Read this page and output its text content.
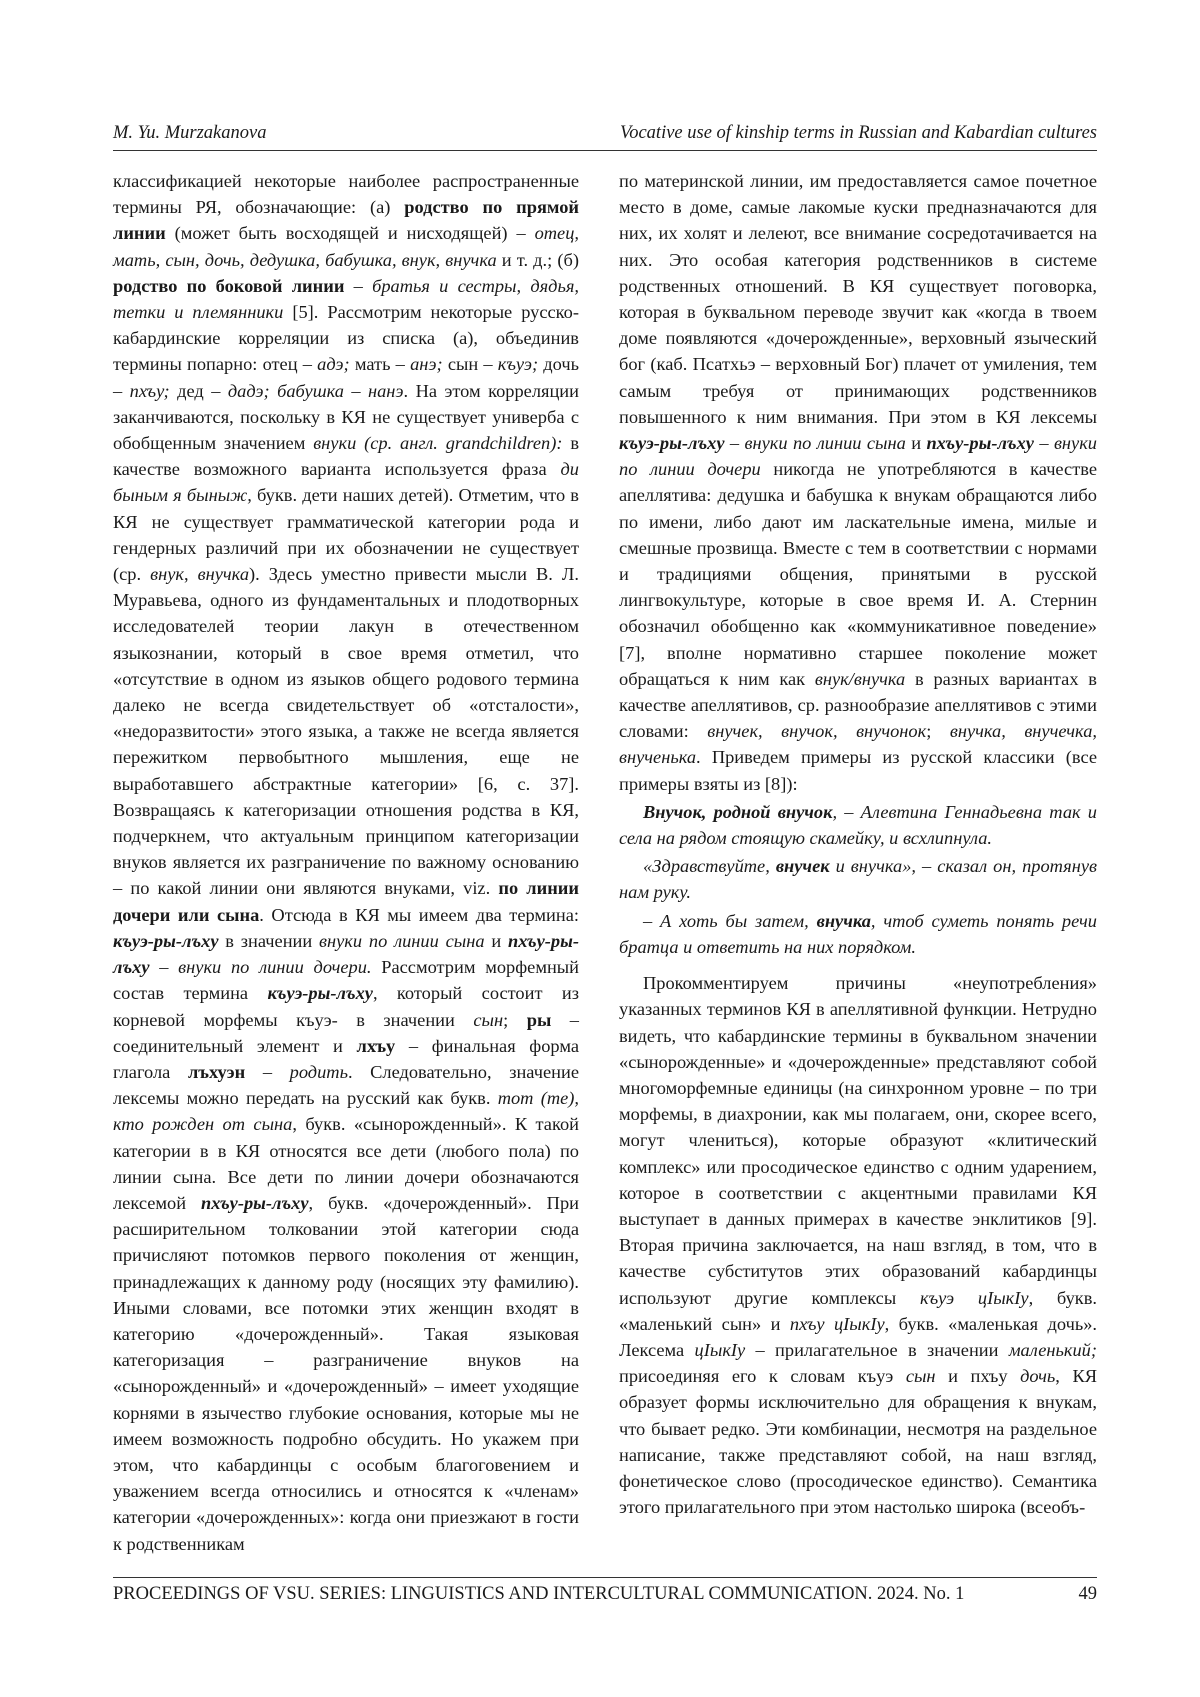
M. Yu. Murzakanova	Vocative use of kinship terms in Russian and Kabardian cultures

классификацией некоторые наиболее распространенные термины РЯ, обозначающие: (а) родство по прямой линии (может быть восходящей и нисходящей) – отец, мать, сын, дочь, дедушка, бабушка, внук, внучка и т. д.; (б) родство по боковой линии – братья и сестры, дядья, тетки и племянники [5]. Рассмотрим некоторые русско-кабардинские корреляции из списка (а), объединив термины попарно: отец – адэ; мать – анэ; сын – къуэ; дочь – пхъу; дед – дадэ; бабушка – нанэ. На этом корреляции заканчиваются, поскольку в КЯ не существует универба с обобщенным значением внуки (ср. англ. grandchildren): в качестве возможного варианта используется фраза ди быным я быныж, букв. дети наших детей). Отметим, что в КЯ не существует грамматической категории рода и гендерных различий при их обозначении не существует (ср. внук, внучка). Здесь уместно привести мысли В. Л. Муравьева, одного из фундаментальных и плодотворных исследователей теории лакун в отечественном языкознании, который в свое время отметил, что «отсутствие в одном из языков общего родового термина далеко не всегда свидетельствует об «отсталости», «недоразвитости» этого языка, а также не всегда является пережитком первобытного мышления, еще не выработавшего абстрактные категории» [6, с. 37]. Возвращаясь к категоризации отношения родства в КЯ, подчеркнем, что актуальным принципом категоризации внуков является их разграничение по важному основанию – по какой линии они являются внуками, viz. по линии дочери или сына. Отсюда в КЯ мы имеем два термина: къуэ-ры-лъху в значении внуки по линии сына и пхъу-ры-лъху – внуки по линии дочери. Рассмотрим морфемный состав термина къуэ-ры-лъху, который состоит из корневой морфемы къуэ- в значении сын; ры – соединительный элемент и лхъу – финальная форма глагола лъхуэн – родить. Следовательно, значение лексемы можно передать на русский как букв. тот (те), кто рожден от сына, букв. «сынорожденный». К такой категории в в КЯ относятся все дети (любого пола) по линии сына. Все дети по линии дочери обозначаются лексемой пхъу-ры-лъху, букв. «дочерожденный». При расширительном толковании этой категории сюда причисляют потомков первого поколения от женщин, принадлежащих к данному роду (носящих эту фамилию). Иными словами, все потомки этих женщин входят в категорию «дочерожденный». Такая языковая категоризация – разграничение внуков на «сынорожденный» и «дочерожденный» – имеет уходящие корнями в язычество глубокие основания, которые мы не имеем возможность подробно обсудить. Но укажем при этом, что кабардинцы с особым благоговением и уважением всегда относились и относятся к «членам» категории «дочерожденных»: когда они приезжают в гости к родственникам

по материнской линии, им предоставляется самое почетное место в доме, самые лакомые куски предназначаются для них, их холят и лелеют, все внимание сосредотачивается на них. Это особая категория родственников в системе родственных отношений. В КЯ существует поговорка, которая в буквальном переводе звучит как «когда в твоем доме появляются «дочерожденные», верховный языческий бог (каб. Псатхьэ – верховный Бог) плачет от умиления, тем самым требуя от принимающих родственников повышенного к ним внимания. При этом в КЯ лексемы къуэ-ры-лъху – внуки по линии сына и пхъу-ры-лъху – внуки по линии дочери никогда не употребляются в качестве апеллятива: дедушка и бабушка к внукам обращаются либо по имени, либо дают им ласкательные имена, милые и смешные прозвища. Вместе с тем в соответствии с нормами и традициями общения, принятыми в русской лингвокультуре, которые в свое время И. А. Стернин обозначил обобщенно как «коммуникативное поведение» [7], вполне нормативно старшее поколение может обращаться к ним как внук/внучка в разных вариантах в качестве апеллятивов, ср. разнообразие апеллятивов с этими словами: внучек, внучок, внучонок; внучка, внучечка, внученька. Приведем примеры из русской классики (все примеры взяты из [8]):

Внучок, родной внучок, – Алевтина Геннадьевна так и села на рядом стоящую скамейку, и всхлипнула.

«Здравствуйте, внучек и внучка», – сказал он, протянув нам руку.

– А хоть бы затем, внучка, чтоб суметь понять речи братца и ответить на них порядком.

Прокомментируем причины «неупотребления» указанных терминов КЯ в апеллятивной функции. Нетрудно видеть, что кабардинские термины в буквальном значении «сынорожденные» и «дочерожденные» представляют собой многоморфемные единицы (на синхронном уровне – по три морфемы, в диахронии, как мы полагаем, они, скорее всего, могут члениться), которые образуют «клитический комплекс» или просодическое единство с одним ударением, которое в соответствии с акцентными правилами КЯ выступает в данных примерах в качестве энклитиков [9]. Вторая причина заключается, на наш взгляд, в том, что в качестве субститутов этих образований кабардинцы используют другие комплексы къуэ цIыкIу, букв. «маленький сын» и пхъу цIыкIу, букв. «маленькая дочь». Лексема цIыкIу – прилагательное в значении маленький; присоединяя его к словам къуэ сын и пхъу дочь, КЯ образует формы исключительно для обращения к внукам, что бывает редко. Эти комбинации, несмотря на раздельное написание, также представляют собой, на наш взгляд, фонетическое слово (просодическое единство). Семантика этого прилагательного при этом настолько широка (всеобъ-

PROCEEDINGS OF VSU. SERIES: LINGUISTICS AND INTERCULTURAL COMMUNICATION. 2024. No. 1	49
